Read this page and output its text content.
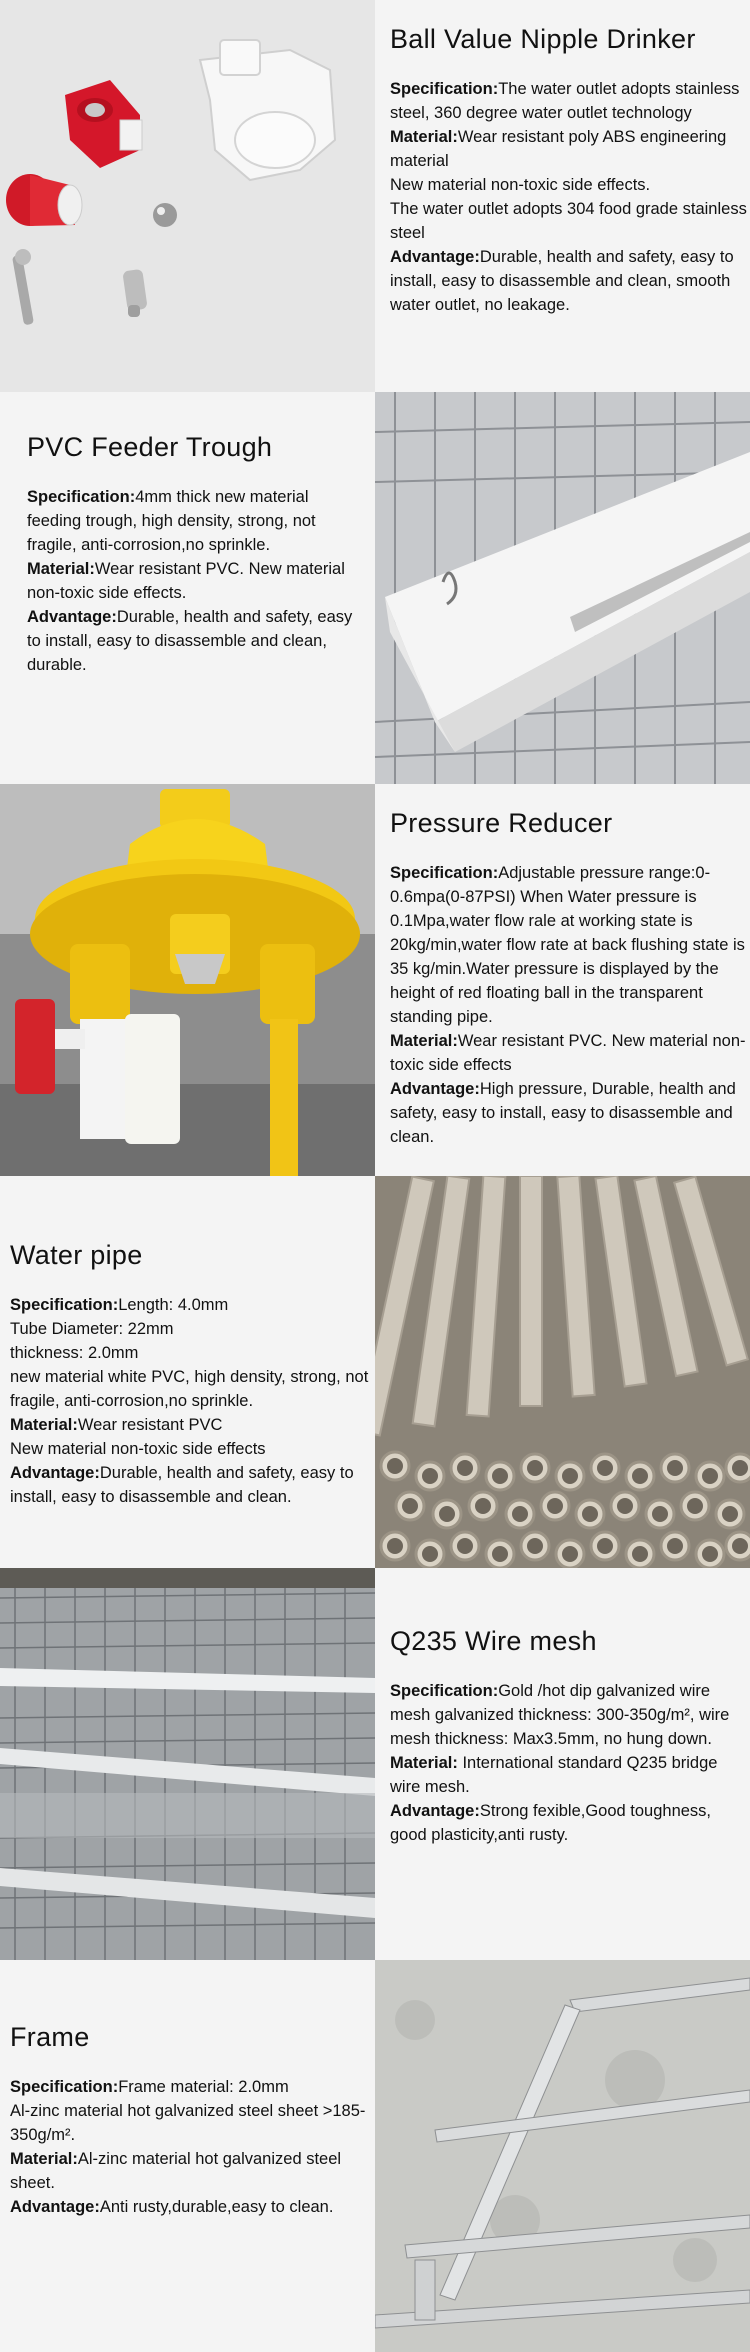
Ball Value Nipple Drinker

Specification:The water outlet adopts stainless steel, 360 degree water outlet technology

Material:Wear resistant poly ABS engineering material

New material non-toxic side effects.

The water outlet adopts 304 food grade stainless steel

Advantage:Durable, health and safety, easy to install, easy to disassemble and clean, smooth water outlet, no leakage.

PVC Feeder Trough

Specification:4mm thick new material feeding trough, high density, strong, not fragile, anti-corrosion,no sprinkle.

Material:Wear resistant PVC. New material non-toxic side effects.

Advantage:Durable, health and safety, easy to install, easy to disassemble and clean, durable.

Pressure Reducer

Specification:Adjustable pressure range:0-0.6mpa(0-87PSI) When Water pressure is 0.1Mpa,water flow rale at working state is 20kg/min,water flow rate at back flushing state is 35 kg/min.Water pressure is displayed by the height of red floating ball in the transparent standing pipe.

Material:Wear resistant PVC. New material non-toxic side effects

Advantage:High pressure, Durable, health and safety, easy to install, easy to disassemble and clean.

Water pipe

Specification:Length: 4.0mm

Tube Diameter: 22mm

thickness: 2.0mm

new material white PVC, high density, strong, not fragile, anti-corrosion,no sprinkle.

Material:Wear resistant PVC

New material non-toxic side effects

Advantage:Durable, health and safety, easy to install, easy to disassemble and clean.

Q235 Wire mesh

Specification:Gold /hot dip galvanized wire mesh galvanized thickness: 300-350g/m², wire mesh thickness: Max3.5mm, no hung down.

Material: International standard Q235 bridge wire mesh.

Advantage:Strong fexible,Good toughness, good plasticity,anti rusty.

Frame

Specification:Frame material: 2.0mm

Al-zinc material hot galvanized steel sheet >185-350g/m².

Material:Al-zinc material hot galvanized steel sheet.

Advantage:Anti rusty,durable,easy to clean.
